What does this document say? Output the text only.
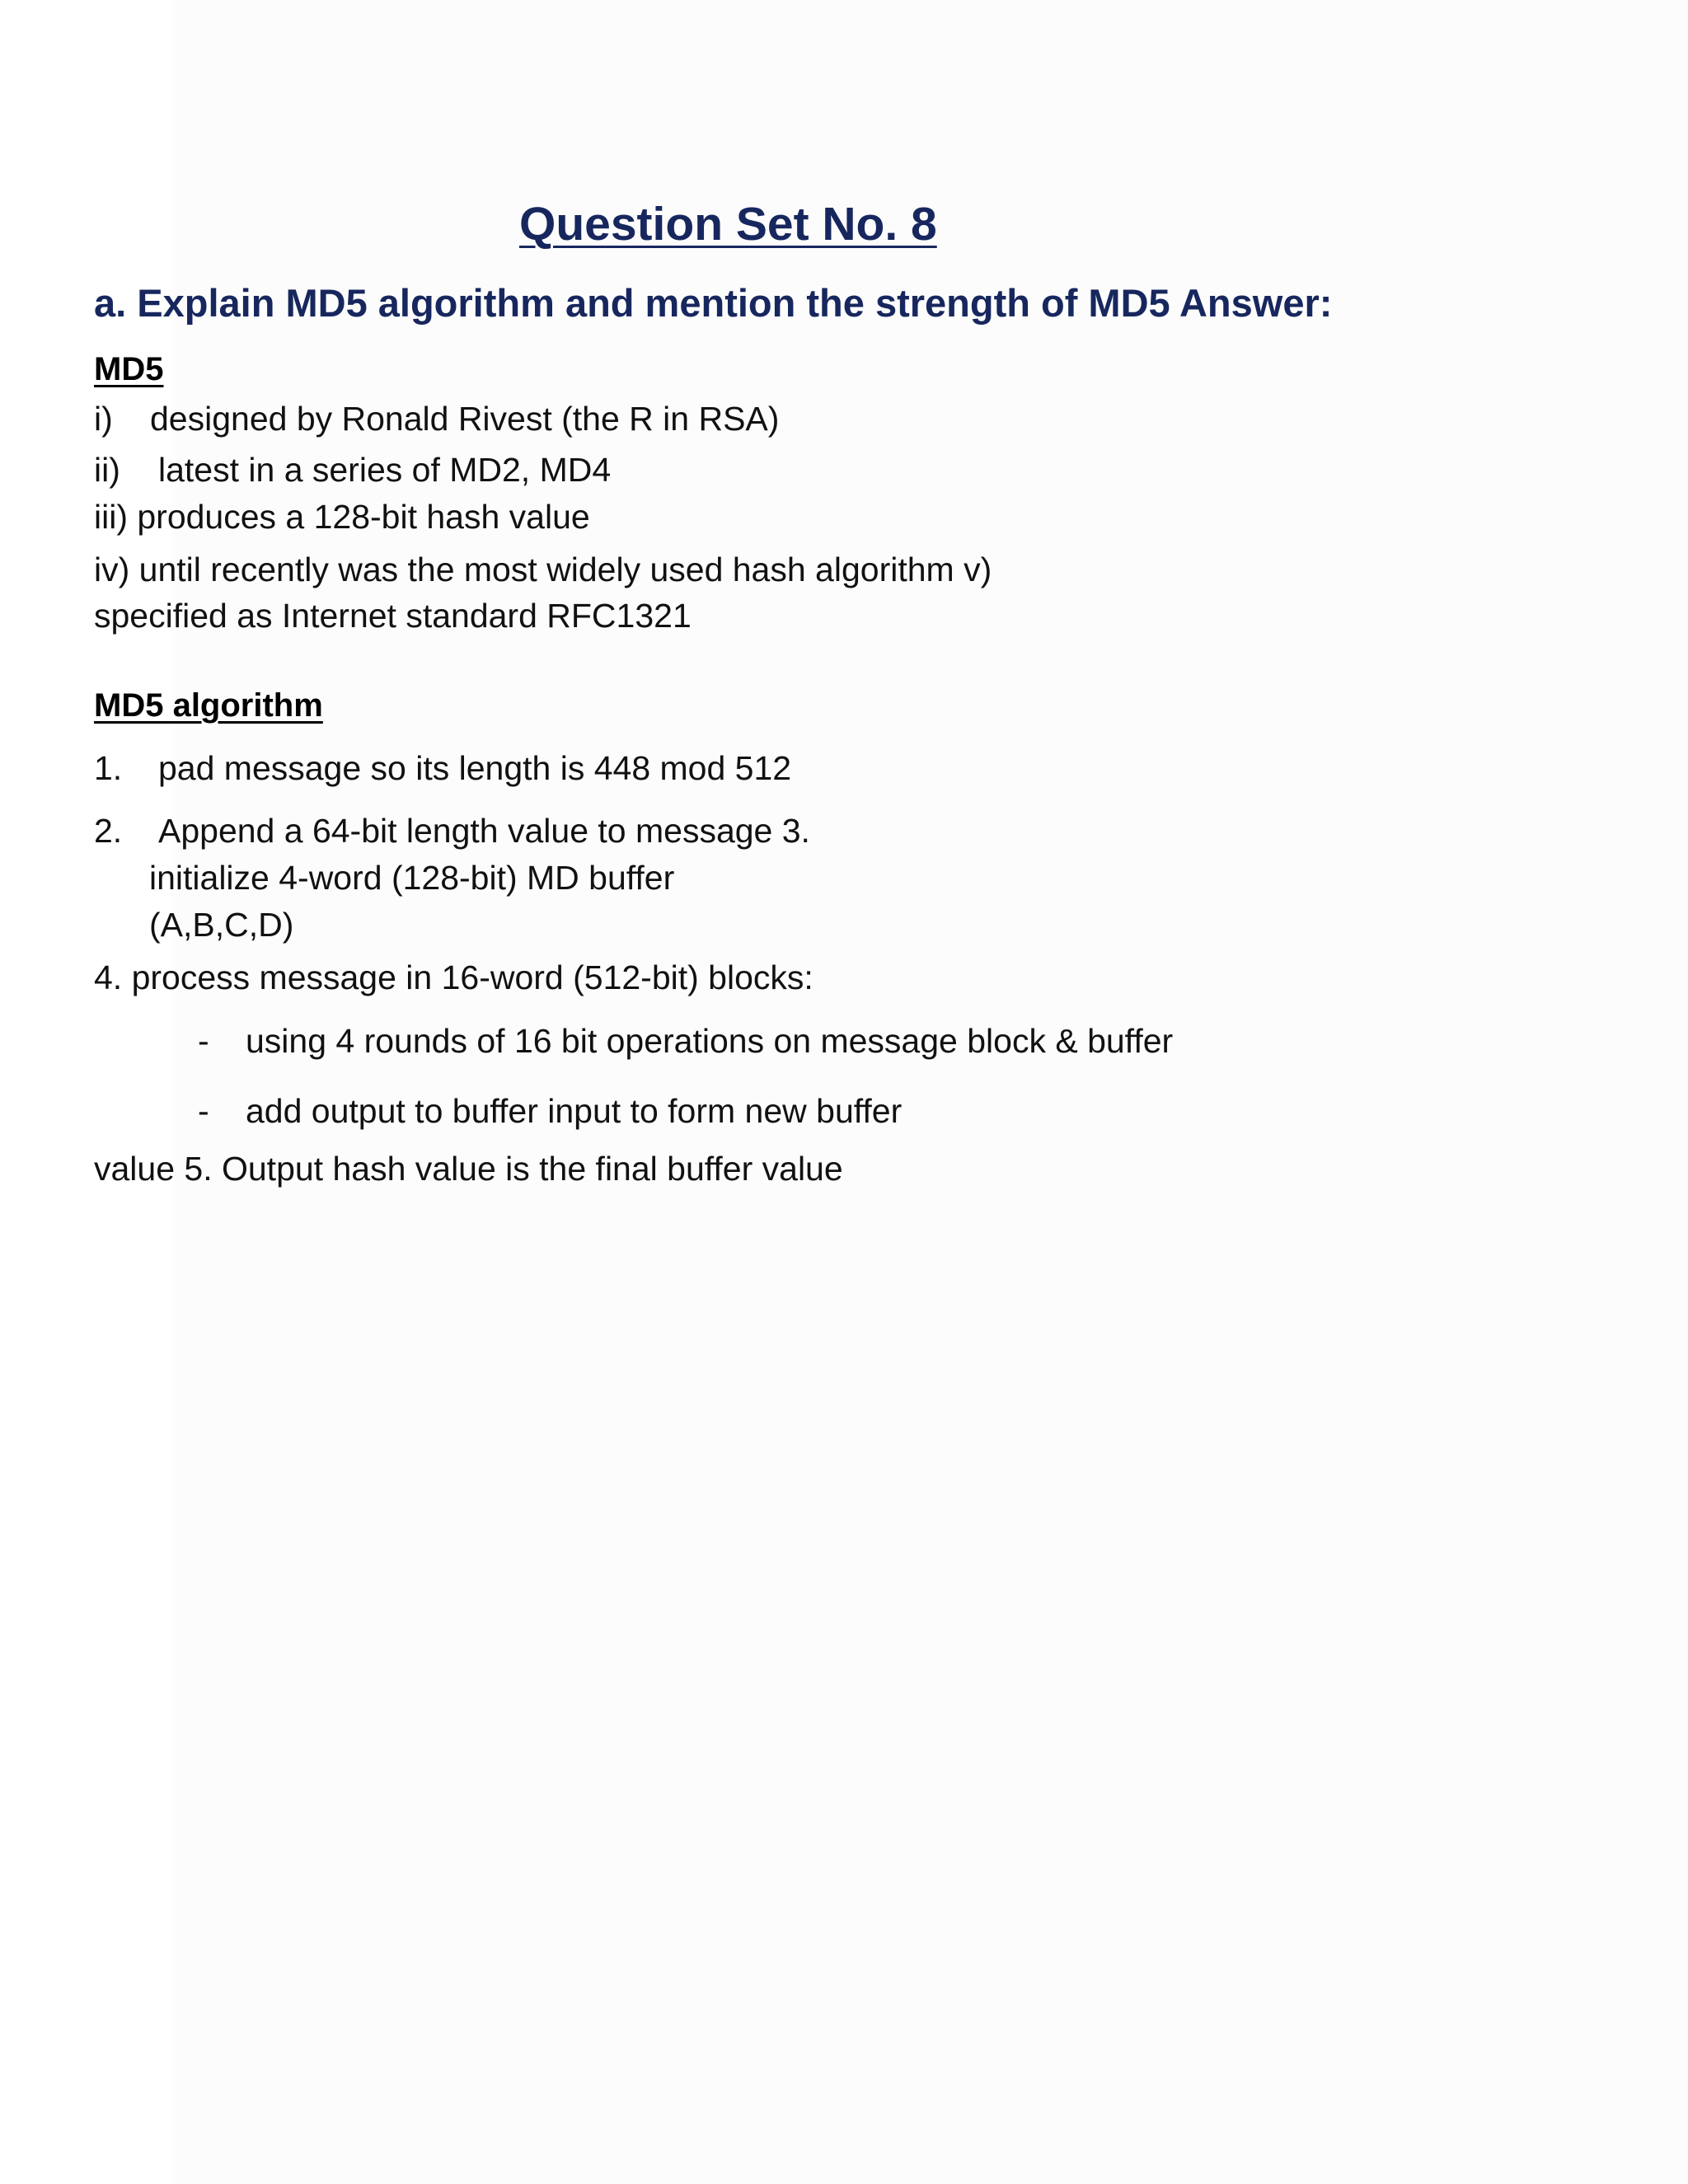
Question Set No. 8
a. Explain MD5 algorithm and mention the strength of MD5 Answer:
MD5
i) designed by Ronald Rivest (the R in RSA)
ii) latest in a series of MD2, MD4
iii) produces a 128-bit hash value
iv) until recently was the most widely used hash algorithm v)
specified as Internet standard RFC1321
MD5 algorithm
1. pad message so its length is 448 mod 512
2. Append a 64-bit length value to message 3.
initialize 4-word (128-bit) MD buffer
(A,B,C,D)
4. process message in 16-word (512-bit) blocks:
- using 4 rounds of 16 bit operations on message block & buffer
- add output to buffer input to form new buffer
value 5. Output hash value is the final buffer value
